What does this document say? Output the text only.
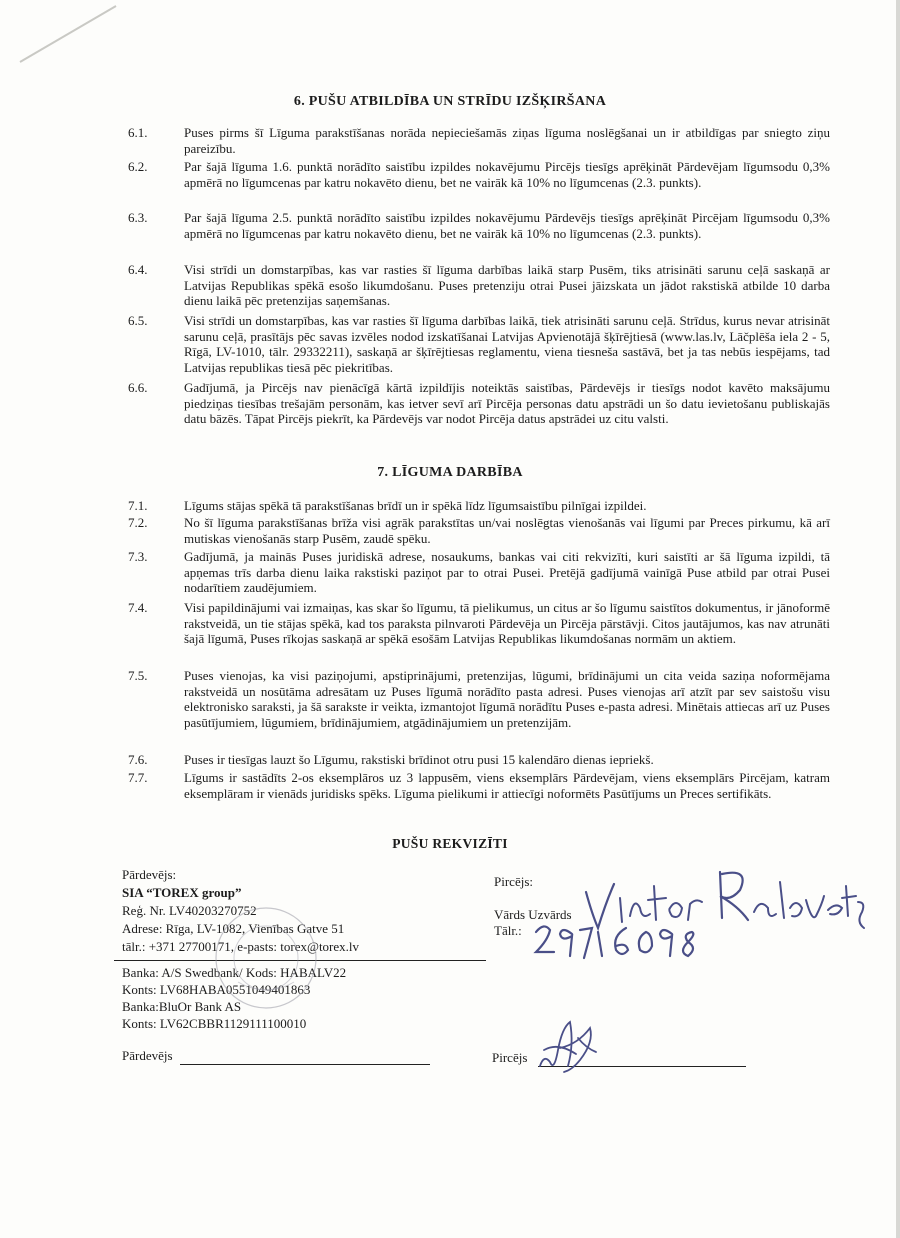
6. PUŠU ATBILDĪBA UN STRĪDU IZŠĶIRŠANA
6.1.	Puses pirms šī Līguma parakstīšanas norāda nepieciešamās ziņas līguma noslēgšanai un ir atbildīgas par sniegto ziņu pareizību.
6.2.	Par šajā līguma 1.6. punktā norādīto saistību izpildes nokavējumu Pircējs tiesīgs aprēķināt Pārdevējam līgumsodu 0,3% apmērā no līgumcenas par katru nokavēto dienu, bet ne vairāk kā 10% no līgumcenas (2.3. punkts).
6.3.	Par šajā līguma 2.5. punktā norādīto saistību izpildes nokavējumu Pārdevējs tiesīgs aprēķināt Pircējam līgumsodu 0,3% apmērā no līgumcenas par katru nokavēto dienu, bet ne vairāk kā 10% no līgumcenas (2.3. punkts).
6.4.	Visi strīdi un domstarpības, kas var rasties šī līguma darbības laikā starp Pusēm, tiks atrisināti sarunu ceļā saskaņā ar Latvijas Republikas spēkā esošo likumdošanu. Puses pretenziju otrai Pusei jāizskata un jādot rakstiskā atbilde 10 darba dienu laikā pēc pretenzijas saņemšanas.
6.5.	Visi strīdi un domstarpības, kas var rasties šī līguma darbības laikā, tiek atrisināti sarunu ceļā. Strīdus, kurus nevar atrisināt sarunu ceļā, prasītājs pēc savas izvēles nodod izskatīšanai Latvijas Apvienotājā šķīrējtiesā (www.las.lv, Lāčplēša iela 2 - 5, Rīgā, LV-1010, tālr. 29332211), saskaņā ar šķīrējtiesas reglamentu, viena tiesneša sastāvā, bet ja tas nebūs iespējams, tad Latvijas republikas tiesā pēc piekritības.
6.6.	Gadījumā, ja Pircējs nav pienācīgā kārtā izpildījis noteiktās saistības, Pārdevējs ir tiesīgs nodot kavēto maksājumu piedziņas tiesības trešajām personām, kas ietver sevī arī Pircēja personas datu apstrādi un šo datu ievietošanu publiskajās datu bāzēs. Tāpat Pircējs piekrīt, ka Pārdevējs var nodot Pircēja datus apstrādei uz citu valsti.
7. LĪGUMA DARBĪBA
7.1.	Līgums stājas spēkā tā parakstīšanas brīdī un ir spēkā līdz līgumsaistību pilnīgai izpildei.
7.2.	No šī līguma parakstīšanas brīža visi agrāk parakstītas un/vai noslēgtas vienošanās vai līgumi par Preces pirkumu, kā arī mutiskas vienošanās starp Pusēm, zaudē spēku.
7.3.	Gadījumā, ja mainās Puses juridiskā adrese, nosaukums, bankas vai citi rekvizīti, kuri saistīti ar šā līguma izpildi, tā apņemas trīs darba dienu laika rakstiski paziņot par to otrai Pusei. Pretējā gadījumā vainīgā Puse atbild par otrai Pusei nodarītiem zaudējumiem.
7.4.	Visi papildinājumi vai izmaiņas, kas skar šo līgumu, tā pielikumus, un citus ar šo līgumu saistītos dokumentus, ir jānoformē rakstveidā, un tie stājas spēkā, kad tos paraksta pilnvaroti Pārdevēja un Pircēja pārstāvji. Citos jautājumos, kas nav atrunāti šajā līgumā, Puses rīkojas saskaņā ar spēkā esošām Latvijas Republikas likumdošanas normām un aktiem.
7.5.	Puses vienojas, ka visi paziņojumi, apstiprinājumi, pretenzijas, lūgumi, brīdinājumi un cita veida saziņa noformējama rakstveidā un nosūtāma adresātam uz Puses līgumā norādīto pasta adresi. Puses vienojas arī atzīt par sev saistošu visu elektronisko saraksti, ja šā sarakste ir veikta, izmantojot līgumā norādītu Puses e-pasta adresi. Minētais attiecas arī uz Puses pasūtījumiem, lūgumiem, brīdinājumiem, atgādinājumiem un pretenzijām.
7.6.	Puses ir tiesīgas lauzt šo Līgumu, rakstiski brīdinot otru pusi 15 kalendāro dienas iepriekš.
7.7.	Līgums ir sastādīts 2-os eksemplāros uz 3 lappusēm, viens eksemplārs Pārdevējam, viens eksemplārs Pircējam, katram eksemplāram ir vienāds juridisks spēks. Līguma pielikumi ir attiecīgi noformēts Pasūtījums un Preces sertifikāts.
PUŠU REKVIZĪTI
Pārdevējs:
SIA “TOREX group”
Reģ. Nr. LV40203270752
Adrese: Rīga, LV-1082, Vienības Gatve 51
tālr.: +371 27700171, e-pasts: torex@torex.lv
Banka: A/S Swedbank/ Kods: HABALV22
Konts: LV68HABA0551049401863
Banka:BluOr Bank AS
Konts: LV62CBBR1129111100010
Pārdevējs
Pircējs:
Vārds Uzvārds
Tālr.:
Pircējs
